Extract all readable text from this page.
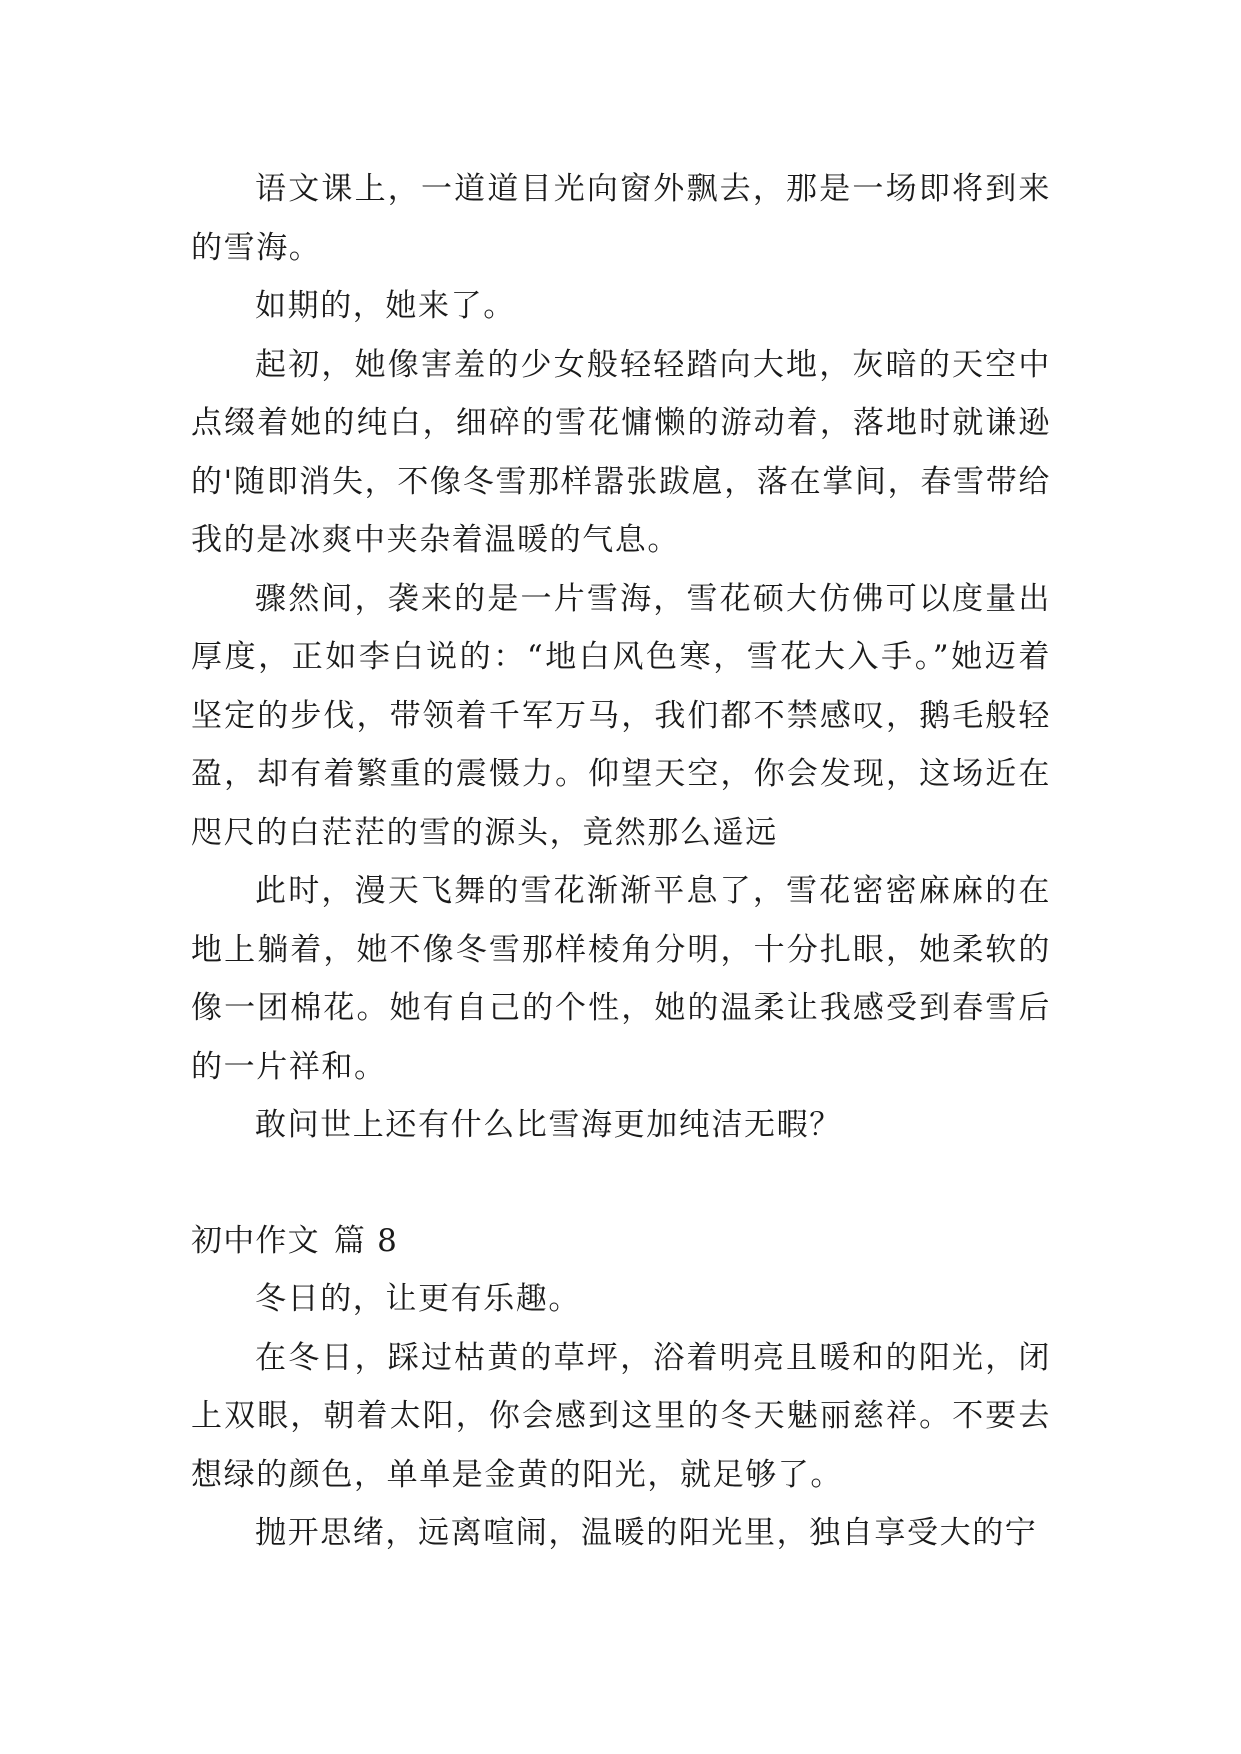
语文课上，一道道目光向窗外飘去，那是一场即将到来的雪海。

如期的，她来了。

起初，她像害羞的少女般轻轻踏向大地，灰暗的天空中点缀着她的纯白，细碎的雪花慵懒的游动着，落地时就谦逊的'随即消失，不像冬雪那样嚣张跋扈，落在掌间，春雪带给我的是冰爽中夹杂着温暖的气息。

骤然间，袭来的是一片雪海，雪花硕大仿佛可以度量出厚度，正如李白说的：“地白风色寒，雪花大入手。”她迈着坚定的步伐，带领着千军万马，我们都不禁感叹，鹅毛般轻盈，却有着繁重的震慑力。仰望天空，你会发现，这场近在咫尺的白茫茫的雪的源头，竟然那么遥远

此时，漫天飞舞的雪花渐渐平息了，雪花密密麻麻的在地上躺着，她不像冬雪那样棱角分明，十分扎眼，她柔软的像一团棉花。她有自己的个性，她的温柔让我感受到春雪后的一片祥和。

敢问世上还有什么比雪海更加纯洁无暇？

初中作文 篇 8

冬日的，让更有乐趣。

在冬日，踩过枯黄的草坪，浴着明亮且暖和的阳光，闭上双眼，朝着太阳，你会感到这里的冬天魅丽慈祥。不要去想绿的颜色，单单是金黄的阳光，就足够了。

抛开思绪，远离喧闹，温暖的阳光里，独自享受大的宁
